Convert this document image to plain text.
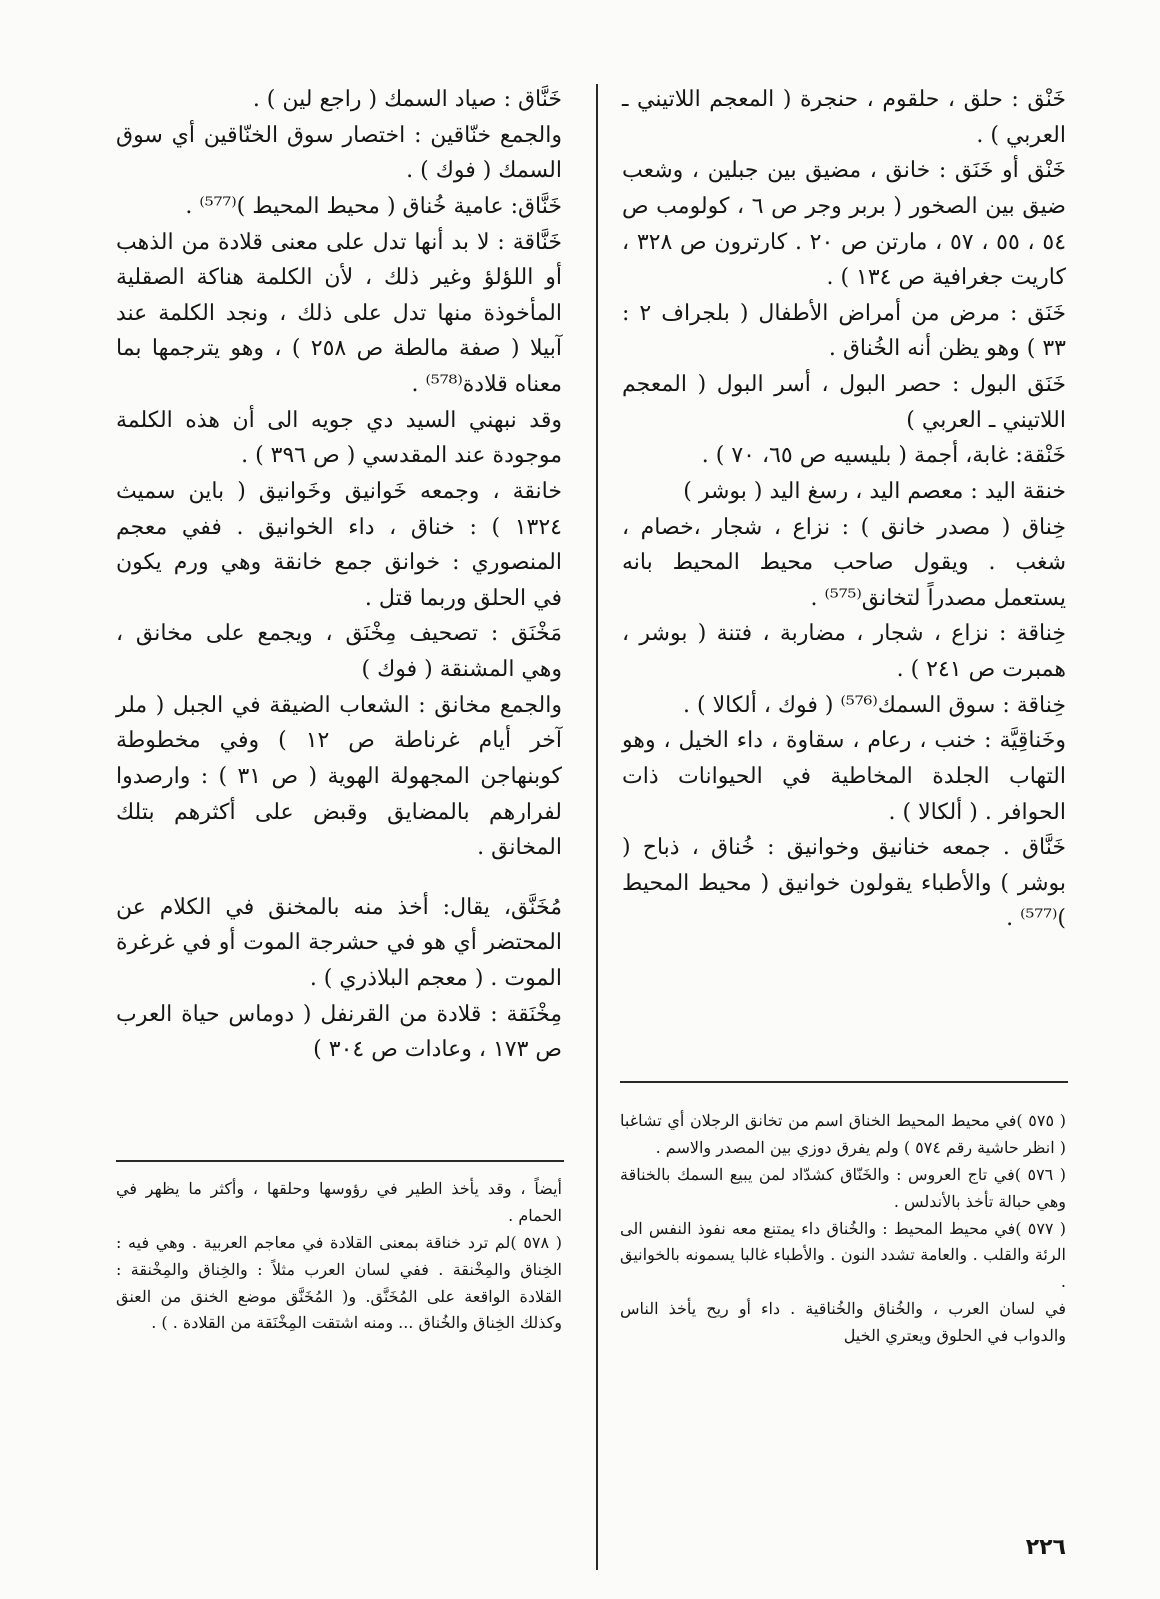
خَنْق : حلق ، حلقوم ، حنجرة ( المعجم اللاتيني ـ العربي ) .

خَنْق أو خَنَق : خانق ، مضيق بين جبلين ، وشعب ضيق بين الصخور ( بربر وجر ص ٦ ، كولومب ص ٥٤ ، ٥٥ ، ٥٧ ، مارتن ص ٢٠ . كارترون ص ٣٢٨ ، كاريت جغرافية ص ١٣٤ ) .

خَنَق : مرض من أمراض الأطفال ( بلجراف ٢ : ٣٣ ) وهو يظن أنه الخُناق .

خَنَق البول : حصر البول ، أسر البول ( المعجم اللاتيني ـ العربي )

خَنْقة: غابة، أجمة ( بليسيه ص ٦٥، ٧٠ ) .

خنقة اليد : معصم اليد ، رسغ اليد ( بوشر )

خِناق ( مصدر خانق ) : نزاع ، شجار ،خصام ، شغب . ويقول صاحب محيط المحيط بانه يستعمل مصدراً لتخانق⁽⁵⁷⁵⁾ .

خِناقة : نزاع ، شجار ، مضاربة ، فتنة ( بوشر ، همبرت ص ٢٤١ ) .

خِناقة : سوق السمك⁽⁵⁷⁶⁾ ( فوك ، ألكالا ) .

وخَناقِيَّة : خنب ، رعام ، سقاوة ، داء الخيل ، وهو التهاب الجلدة المخاطية في الحيوانات ذات الحوافر . ( ألكالا ) .

خَنَّاق . جمعه خنانيق وخوانيق : خُناق ، ذباح ( بوشر ) والأطباء يقولون خوانيق ( محيط المحيط )⁽⁵⁷⁷⁾ .

خَنَّاق : صياد السمك ( راجع لين ) .

والجمع خنّاقين : اختصار سوق الخنّاقين أي سوق السمك ( فوك ) .

خَنَّاق: عامية خُناق ( محيط المحيط )⁽⁵⁷⁷⁾ .

خَنَّاقة : لا بد أنها تدل على معنى قلادة من الذهب أو اللؤلؤ وغير ذلك ، لأن الكلمة هناكة الصقلية المأخوذة منها تدل على ذلك ، ونجد الكلمة عند آبيلا ( صفة مالطة ص ٢٥٨ ) ، وهو يترجمها بما معناه قلادة⁽⁵⁷⁸⁾ .

وقد نبهني السيد دي جويه الى أن هذه الكلمة موجودة عند المقدسي ( ص ٣٩٦ ) .

خانقة ، وجمعه خَوانيق وخَوانيق ( باين سميث ١٣٢٤ ) : خناق ، داء الخوانيق . ففي معجم المنصوري : خوانق جمع خانقة وهي ورم يكون في الحلق وربما قتل .

مَخْنَق : تصحيف مِخْنَق ، ويجمع على مخانق ، وهي المشنقة ( فوك )

والجمع مخانق : الشعاب الضيقة في الجبل ( ملر آخر أيام غرناطة ص ١٢ ) وفي مخطوطة كوبنهاجن المجهولة الهوية ( ص ٣١ ) : وارصدوا لفرارهم بالمضايق وقبض على أكثرهم بتلك المخانق .

مُخَنَّق، يقال: أخذ منه بالمخنق في الكلام عن المحتضر أي هو في حشرجة الموت أو في غرغرة الموت . ( معجم البلاذري ) .

مِخْنَقة : قلادة من القرنفل ( دوماس حياة العرب ص ١٧٣ ، وعادات ص ٣٠٤ )

( ٥٧٥ )في محيط المحيط الخناق اسم من تخانق الرجلان أي تشاغبا ( انظر حاشية رقم ٥٧٤ ) ولم يفرق دوزي بين المصدر والاسم .

( ٥٧٦ )في تاج العروس : والخَنّاق كشدّاد لمن يبيع السمك بالخناقة وهي حبالة تأخذ بالأندلس .

( ٥٧٧ )في محيط المحيط : والخُناق داء يمتنع معه نفوذ النفس الى الرئة والقلب . والعامة تشدد النون . والأطباء غالبا يسمونه بالخوانيق .

في لسان العرب ، والخُناق والخُناقية . داء أو ريح يأخذ الناس والدواب في الحلوق ويعتري الخيل

أيضاً ، وقد يأخذ الطير في رؤوسها وحلقها ، وأكثر ما يظهر في الحمام .

( ٥٧٨ )لم ترد خناقة بمعنى القلادة في معاجم العربية . وهي فيه : الخِناق والمِخْنقة . ففي لسان العرب مثلاً : والخِناق والمِخْنقة : القلادة الواقعة على المُخَنَّق. و( المُخَنَّق موضع الخنق من العنق وكذلك الخِناق والخُناق ... ومنه اشتقت المِخْنَقة من القلادة . ) .

٢٢٦
